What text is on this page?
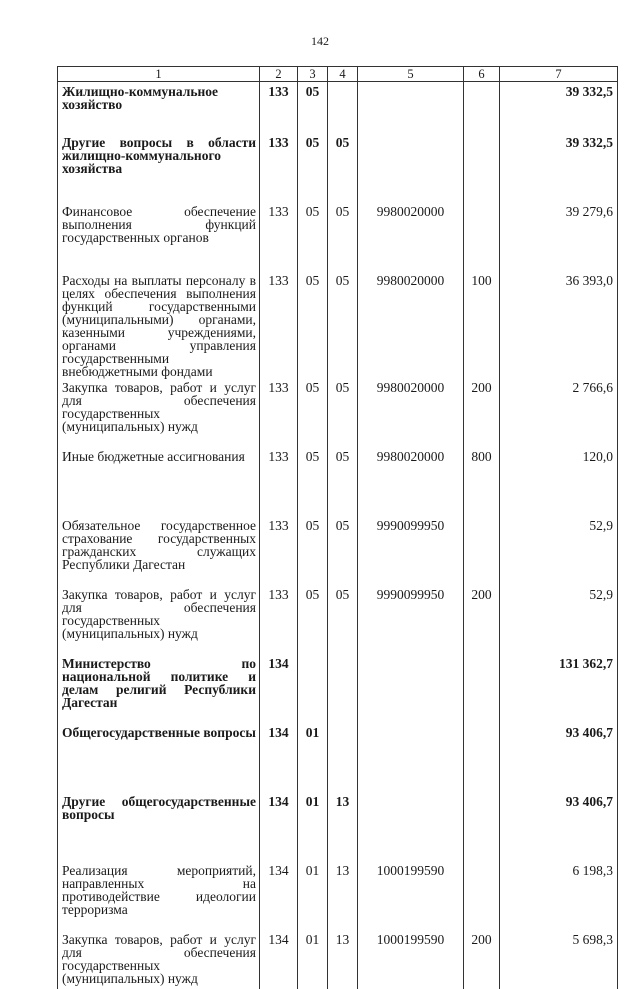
142
1	2	3	4	5	6	7
Жилищно-коммунальное хозяйство	133	05				39 332,5
Другие вопросы в области жилищно-коммунального хозяйства	133	05	05			39 332,5
Финансовое обеспечение выполнения функций государственных органов	133	05	05	9980020000		39 279,6
Расходы на выплаты персоналу в целях обеспечения выполнения функций государственными (муниципальными) органами, казенными учреждениями, органами управления государственными внебюджетными фондами	133	05	05	9980020000	100	36 393,0
Закупка товаров, работ и услуг для обеспечения государственных (муниципальных) нужд	133	05	05	9980020000	200	2 766,6
Иные бюджетные ассигнования	133	05	05	9980020000	800	120,0
Обязательное государственное страхование государственных гражданских служащих Республики Дагестан	133	05	05	9990099950		52,9
Закупка товаров, работ и услуг для обеспечения государственных (муниципальных) нужд	133	05	05	9990099950	200	52,9
Министерство по национальной политике и делам религий Республики Дагестан	134					131 362,7
Общегосударственные вопросы	134	01				93 406,7
Другие общегосударственные вопросы	134	01	13			93 406,7
Реализация мероприятий, направленных на противодействие идеологии терроризма	134	01	13	1000199590		6 198,3
Закупка товаров, работ и услуг для обеспечения государственных (муниципальных) нужд	134	01	13	1000199590	200	5 698,3
